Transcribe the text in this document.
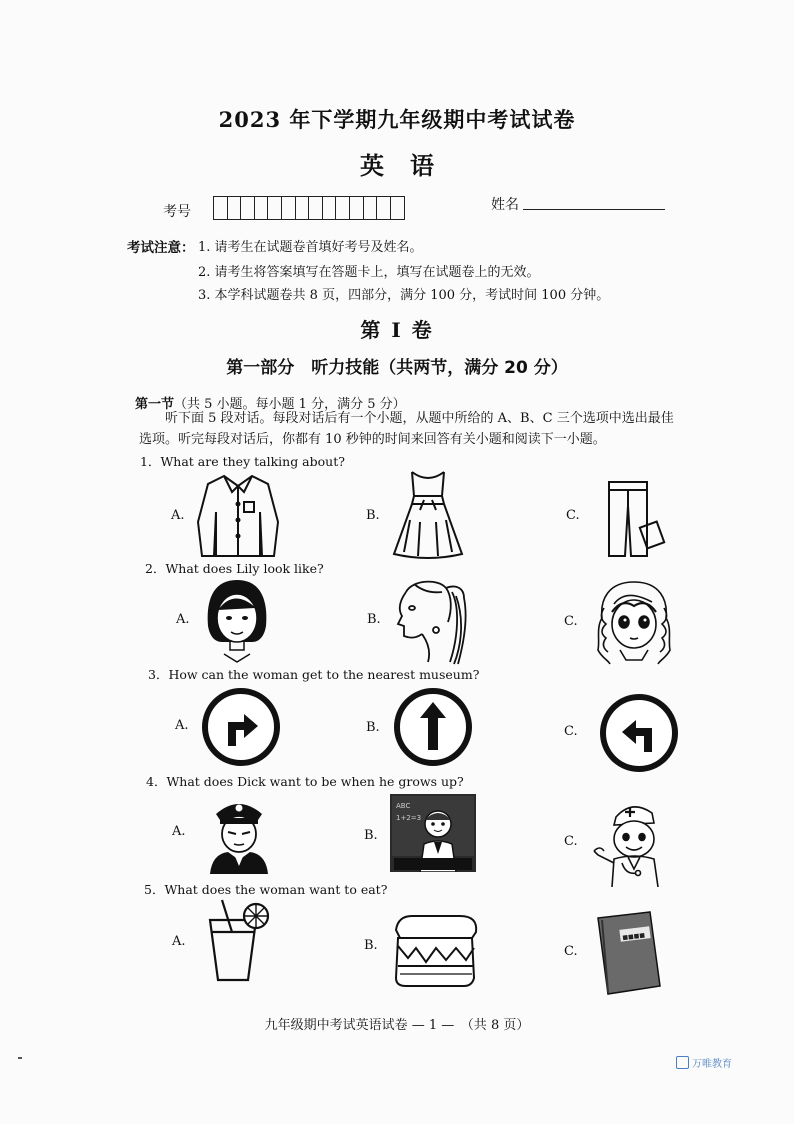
2023 年下学期九年级期中考试试卷
英语
考号	姓名
考试注意： 1. 请考生在试题卷首填好考号及姓名。
2. 请考生将答案填写在答题卡上，填写在试题卷上的无效。
3. 本学科试题卷共 8 页，四部分，满分 100 分，考试时间 100 分钟。
第 I 卷
第一部分　听力技能（共两节，满分 20 分）
第一节（共 5 小题。每小题 1 分，满分 5 分）
听下面 5 段对话。每段对话后有一个小题，从题中所给的 A、B、C 三个选项中选出最佳
选项。听完每段对话后，你都有 10 秒钟的时间来回答有关小题和阅读下一小题。
1．What are they talking about?
A.	B.	C.
2．What does Lily look like?
A.	B.	C.
3．How can the woman get to the nearest museum?
A.	B.	C.
4．What does Dick want to be when he grows up?
A.	B.	C.
ABC
1+2=3
5．What does the woman want to eat?
A.	B.	C.
■■■■
九年级期中考试英语试卷 — 1 —　（共 8 页）
万唯教育
